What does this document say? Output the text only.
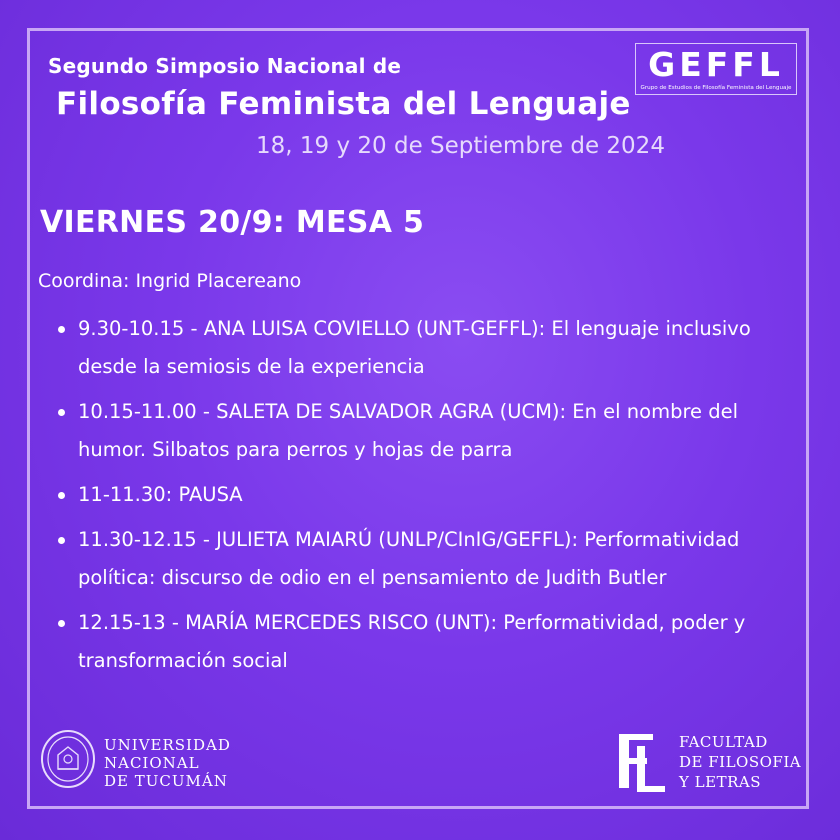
Segundo Simposio Nacional de
Filosofía Feminista del Lenguaje
18, 19 y 20 de Septiembre de 2024
GEFFL
Grupo de Estudios de Filosofía Feminista del Lenguaje
VIERNES 20/9: MESA 5
Coordina: Ingrid Placereano
9.30-10.15 - ANA LUISA COVIELLO (UNT-GEFFL): El lenguaje inclusivo desde la semiosis de la experiencia
10.15-11.00 - SALETA DE SALVADOR AGRA (UCM): En el nombre del humor. Silbatos para perros y hojas de parra
11-11.30: PAUSA
11.30-12.15 - JULIETA MAIARÚ (UNLP/CInIG/GEFFL): Performatividad política: discurso de odio en el pensamiento de Judith Butler
12.15-13 - MARÍA MERCEDES RISCO (UNT): Performatividad, poder y transformación social
UNIVERSIDAD
NACIONAL
DE TUCUMÁN
FACULTAD
DE FILOSOFIA
Y LETRAS
